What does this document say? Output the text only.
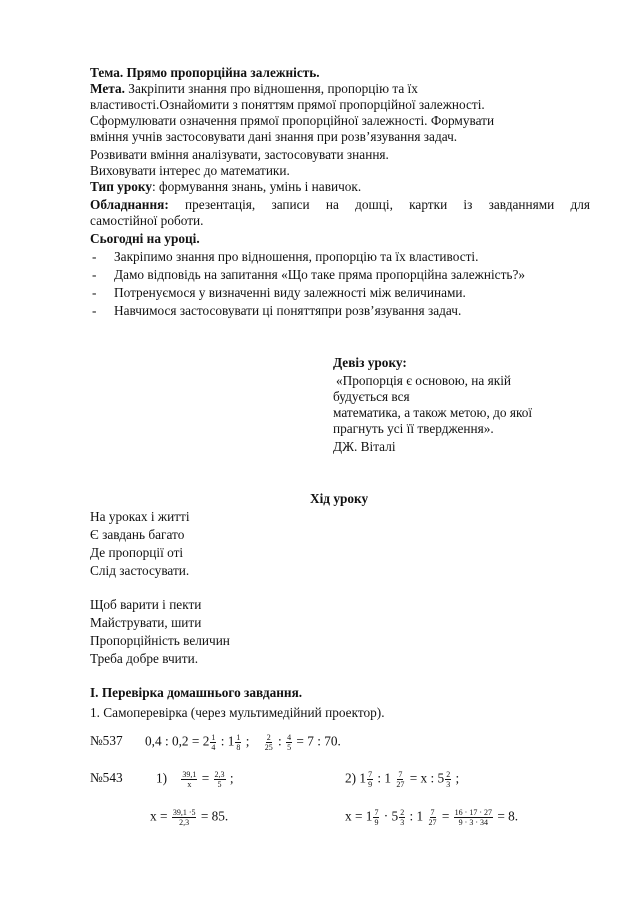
Тема. Прямо пропорційна залежність.
Мета. Закріпити знання про відношення, пропорцію та їх
властивості.Ознайомити з поняттям прямої пропорційної залежності.
Сформулювати означення прямої пропорційної залежності. Формувати
вміння учнів застосовувати дані знання при розв’язування задач.
Розвивати вміння аналізувати, застосовувати знання.
Виховувати інтерес до математики.
Тип уроку: формування знань, умінь і навичок.
Обладнання: презентація, записи на дошці, картки із завданнями для
самостійної роботи.
Сьогодні на уроці.
- Закріпимо знання про відношення, пропорцію та їх властивості.
- Дамо відповідь на запитання «Що таке пряма пропорційна залежність?»
- Потренуємося у визначенні виду залежності між величинами.
- Навчимося застосовувати ці поняттяпри розв’язування задач.
Девіз уроку:
«Пропорція є основою, на якій
будується вся
математика, а також метою, до якої
прагнуть усі її твердження».
ДЖ. Віталі
Хід уроку
На уроках і житті
Є завдань багато
Де пропорції оті
Слід застосувати.
Щоб варити і пекти
Майструвати, шити
Пропорційність величин
Треба добре вчити.
І. Перевірка домашнього завдання.
1. Самоперевірка (через мультимедійний проектор).
№537 0,4 : $0,2 = 2 \frac{1}{4}$ : $1 \frac{1}{8}$ ; $\frac{2}{25}$ : $\frac{4}{5} = 7$ : 70.
№543	$1) \frac{39,1}{x} = \frac{2,3}{5}$ ;
$x = \frac{39,1 \cdot 5}{2,3} = 85$.
2) $1 \frac{7}{9}$ : $1 \frac{7}{27} = x$ : $5 \frac{2}{3}$ ;
$x = 1 \frac{7}{9} \cdot 5 \frac{2}{3}$ : $1 \frac{7}{27} = \frac{16 \cdot 17 \cdot 27}{9 \cdot 3 \cdot 34} = 8$.
